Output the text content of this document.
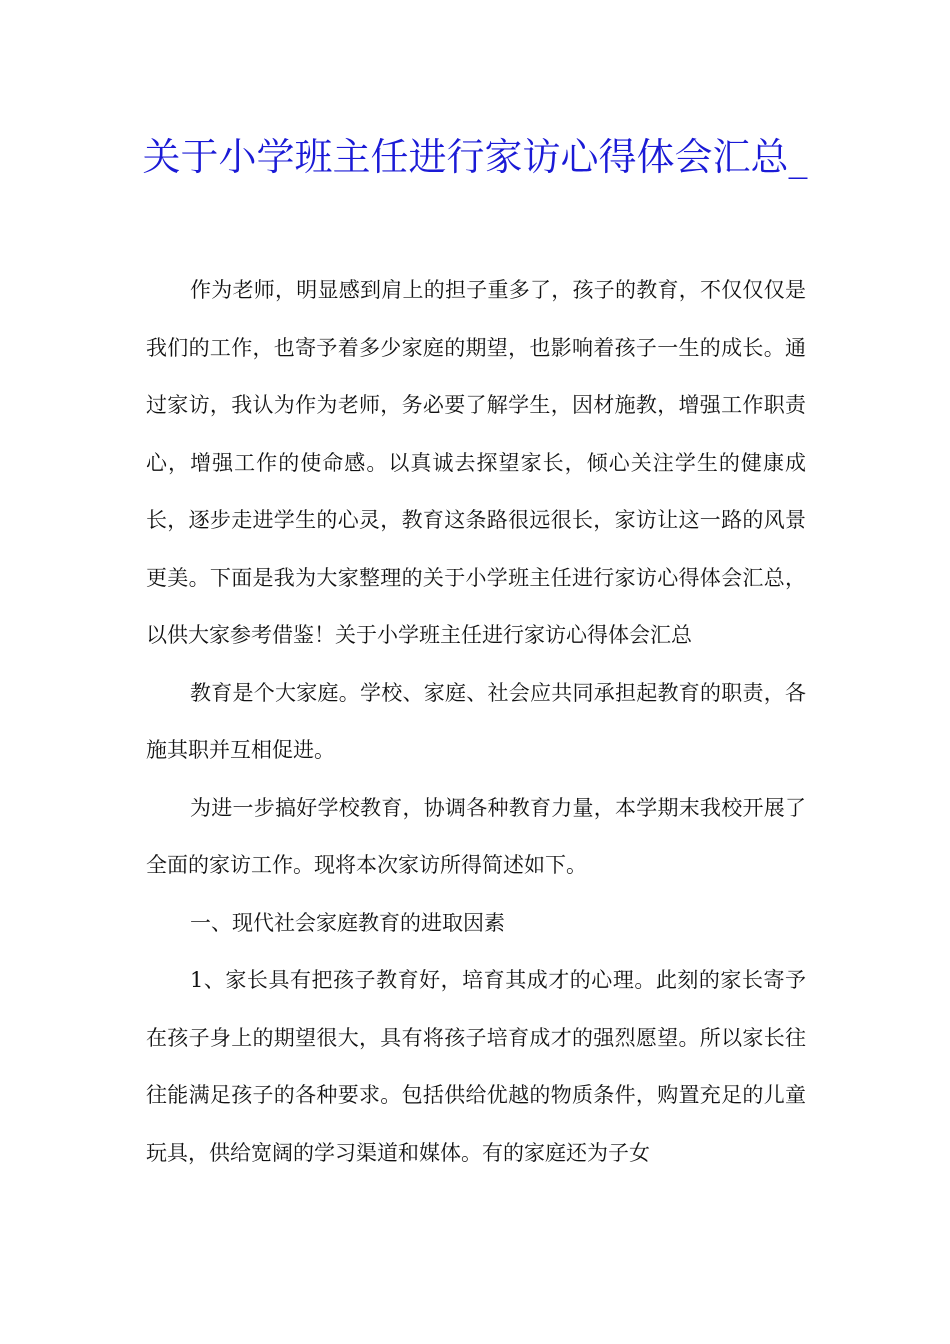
关于小学班主任进行家访心得体会汇总_

作为老师，明显感到肩上的担子重多了，孩子的教育，不仅仅仅是我们的工作，也寄予着多少家庭的期望，也影响着孩子一生的成长。通过家访，我认为作为老师，务必要了解学生，因材施教，增强工作职责心，增强工作的使命感。以真诚去探望家长，倾心关注学生的健康成长，逐步走进学生的心灵，教育这条路很远很长，家访让这一路的风景更美。下面是我为大家整理的关于小学班主任进行家访心得体会汇总，以供大家参考借鉴！关于小学班主任进行家访心得体会汇总

教育是个大家庭。学校、家庭、社会应共同承担起教育的职责，各施其职并互相促进。

为进一步搞好学校教育，协调各种教育力量，本学期末我校开展了全面的家访工作。现将本次家访所得简述如下。

一、现代社会家庭教育的进取因素

1、家长具有把孩子教育好，培育其成才的心理。此刻的家长寄予在孩子身上的期望很大，具有将孩子培育成才的强烈愿望。所以家长往往能满足孩子的各种要求。包括供给优越的物质条件，购置充足的儿童玩具，供给宽阔的学习渠道和媒体。有的家庭还为子女
